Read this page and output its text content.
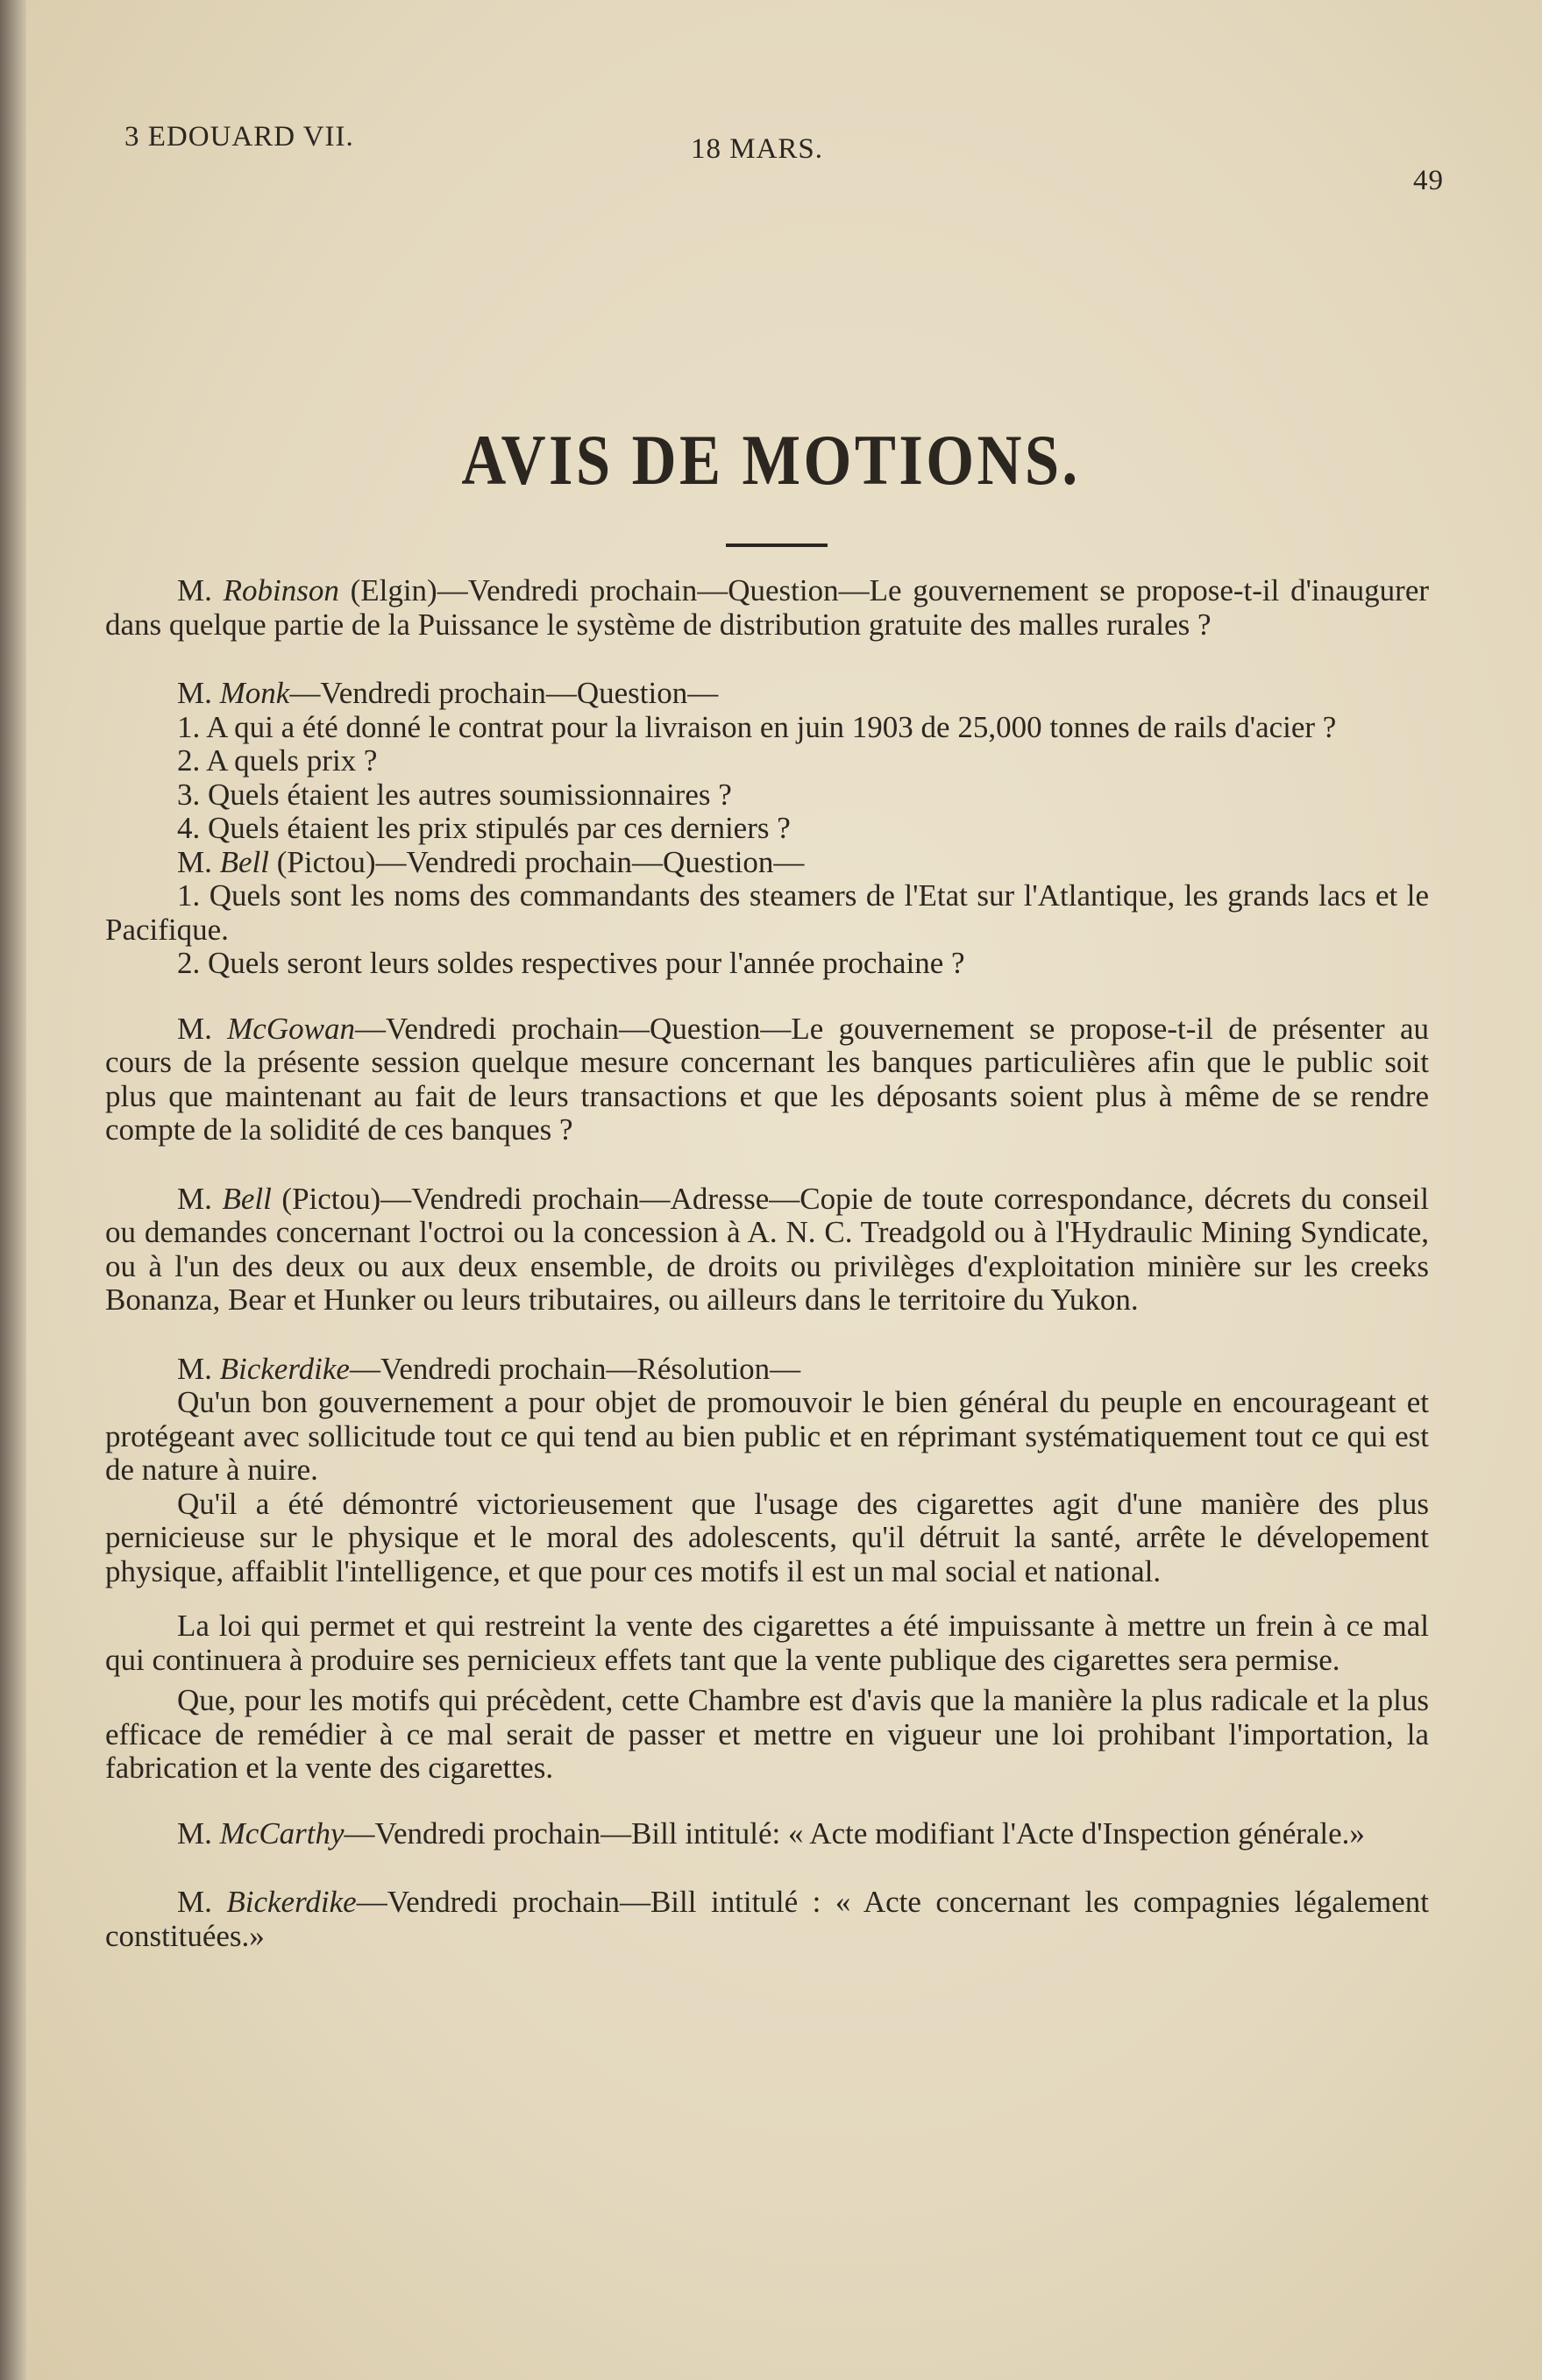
3 EDOUARD VII.	18 MARS.
49
AVIS DE MOTIONS.

M. Robinson (Elgin)—Vendredi prochain—Question—Le gouvernement se propose-t-il d'inaugurer dans quelque partie de la Puissance le système de distribution gratuite des malles rurales ?

M. Monk—Vendredi prochain—Question—

1. A qui a été donné le contrat pour la livraison en juin 1903 de 25,000 tonnes de rails d'acier ?

2. A quels prix ?

3. Quels étaient les autres soumissionnaires ?

4. Quels étaient les prix stipulés par ces derniers ?

M. Bell (Pictou)—Vendredi prochain—Question—

1. Quels sont les noms des commandants des steamers de l'Etat sur l'Atlantique, les grands lacs et le Pacifique.

2. Quels seront leurs soldes respectives pour l'année prochaine ?

M. McGowan—Vendredi prochain—Question—Le gouvernement se propose-t-il de présenter au cours de la présente session quelque mesure concernant les banques particulières afin que le public soit plus que maintenant au fait de leurs transactions et que les déposants soient plus à même de se rendre compte de la solidité de ces banques ?

M. Bell (Pictou)—Vendredi prochain—Adresse—Copie de toute correspondance, décrets du conseil ou demandes concernant l'octroi ou la concession à A. N. C. Treadgold ou à l'Hydraulic Mining Syndicate, ou à l'un des deux ou aux deux ensemble, de droits ou privilèges d'exploitation minière sur les creeks Bonanza, Bear et Hunker ou leurs tributaires, ou ailleurs dans le territoire du Yukon.

M. Bickerdike—Vendredi prochain—Résolution—

Qu'un bon gouvernement a pour objet de promouvoir le bien général du peuple en encourageant et protégeant avec sollicitude tout ce qui tend au bien public et en réprimant systématiquement tout ce qui est de nature à nuire.

Qu'il a été démontré victorieusement que l'usage des cigarettes agit d'une manière des plus pernicieuse sur le physique et le moral des adolescents, qu'il détruit la santé, arrête le dévelopement physique, affaiblit l'intelligence, et que pour ces motifs il est un mal social et national.

La loi qui permet et qui restreint la vente des cigarettes a été impuissante à mettre un frein à ce mal qui continuera à produire ses pernicieux effets tant que la vente publique des cigarettes sera permise.

Que, pour les motifs qui précèdent, cette Chambre est d'avis que la manière la plus radicale et la plus efficace de remédier à ce mal serait de passer et mettre en vigueur une loi prohibant l'importation, la fabrication et la vente des cigarettes.

M. McCarthy—Vendredi prochain—Bill intitulé: « Acte modifiant l'Acte d'Inspection générale.»

M. Bickerdike—Vendredi prochain—Bill intitulé : « Acte concernant les compagnies légalement constituées.»
